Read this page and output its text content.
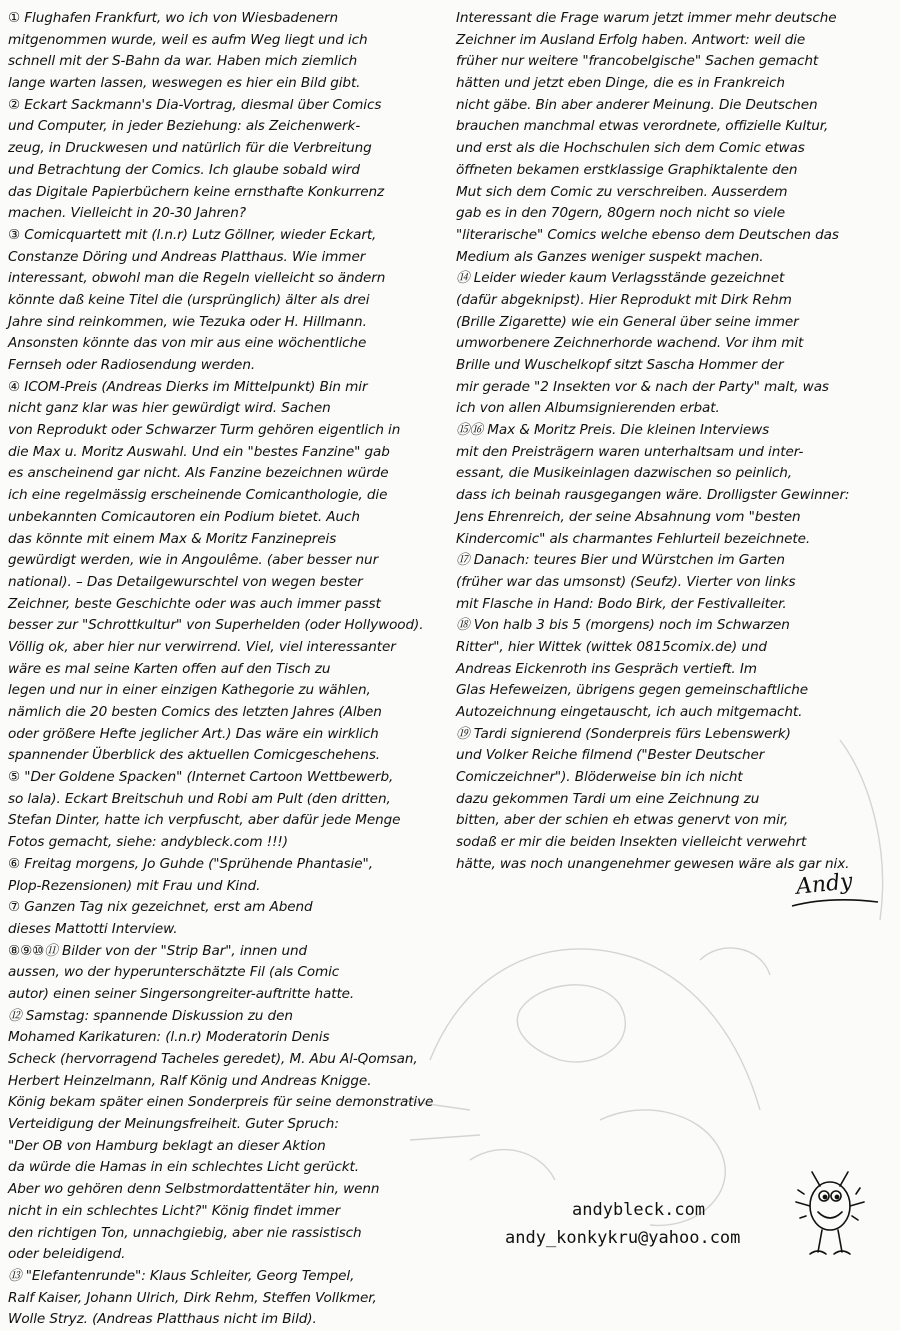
① Flughafen Frankfurt, wo ich von Wiesbadenern
mitgenommen wurde, weil es aufm Weg liegt und ich
schnell mit der S-Bahn da war. Haben mich ziemlich
lange warten lassen, weswegen es hier ein Bild gibt.
② Eckart Sackmann's Dia-Vortrag, diesmal über Comics
und Computer, in jeder Beziehung: als Zeichenwerk-
zeug, in Druckwesen und natürlich für die Verbreitung
und Betrachtung der Comics. Ich glaube sobald wird
das Digitale Papierbüchern keine ernsthafte Konkurrenz
machen. Vielleicht in 20-30 Jahren?
③ Comicquartett mit (l.n.r) Lutz Göllner, wieder Eckart,
Constanze Döring und Andreas Platthaus. Wie immer
interessant, obwohl man die Regeln vielleicht so ändern
könnte daß keine Titel die (ursprünglich) älter als drei
Jahre sind reinkommen, wie Tezuka oder H. Hillmann.
Ansonsten könnte das von mir aus eine wöchentliche
Fernseh oder Radiosendung werden.
④ ICOM-Preis (Andreas Dierks im Mittelpunkt) Bin mir
nicht ganz klar was hier gewürdigt wird. Sachen
von Reprodukt oder Schwarzer Turm gehören eigentlich in
die Max u. Moritz Auswahl. Und ein "bestes Fanzine" gab
es anscheinend gar nicht. Als Fanzine bezeichnen würde
ich eine regelmässig erscheinende Comicanthologie, die
unbekannten Comicautoren ein Podium bietet. Auch
das könnte mit einem Max & Moritz Fanzinepreis
gewürdigt werden, wie in Angoulême. (aber besser nur
national). – Das Detailgewurschtel von wegen bester
Zeichner, beste Geschichte oder was auch immer passt
besser zur "Schrottkultur" von Superhelden (oder Hollywood).
Völlig ok, aber hier nur verwirrend. Viel, viel interessanter
wäre es mal seine Karten offen auf den Tisch zu
legen und nur in einer einzigen Kathegorie zu wählen,
nämlich die 20 besten Comics des letzten Jahres (Alben
oder größere Hefte jeglicher Art.) Das wäre ein wirklich
spannender Überblick des aktuellen Comicgeschehens.
⑤ "Der Goldene Spacken" (Internet Cartoon Wettbewerb,
so lala). Eckart Breitschuh und Robi am Pult (den dritten,
Stefan Dinter, hatte ich verpfuscht, aber dafür jede Menge
Fotos gemacht, siehe: andybleck.com !!!)
⑥ Freitag morgens, Jo Guhde ("Sprühende Phantasie",
Plop-Rezensionen) mit Frau und Kind.
⑦ Ganzen Tag nix gezeichnet, erst am Abend
dieses Mattotti Interview.
⑧⑨⑩⑪ Bilder von der "Strip Bar", innen und
aussen, wo der hyperunterschätzte Fil (als Comic
autor) einen seiner Singersongreiter-auftritte hatte.
⑫ Samstag: spannende Diskussion zu den
Mohamed Karikaturen: (l.n.r) Moderatorin Denis
Scheck (hervorragend Tacheles geredet), M. Abu Al-Qomsan,
Herbert Heinzelmann, Ralf König und Andreas Knigge.
König bekam später einen Sonderpreis für seine demonstrative
Verteidigung der Meinungsfreiheit. Guter Spruch:
"Der OB von Hamburg beklagt an dieser Aktion
da würde die Hamas in ein schlechtes Licht gerückt.
Aber wo gehören denn Selbstmordattentäter hin, wenn
nicht in ein schlechtes Licht?" König findet immer
den richtigen Ton, unnachgiebig, aber nie rassistisch
oder beleidigend.
⑬ "Elefantenrunde": Klaus Schleiter, Georg Tempel,
Ralf Kaiser, Johann Ulrich, Dirk Rehm, Steffen Vollkmer,
Wolle Stryz. (Andreas Platthaus nicht im Bild).
Interessant die Frage warum jetzt immer mehr deutsche
Zeichner im Ausland Erfolg haben. Antwort: weil die
früher nur weitere "francobelgische" Sachen gemacht
hätten und jetzt eben Dinge, die es in Frankreich
nicht gäbe. Bin aber anderer Meinung. Die Deutschen
brauchen manchmal etwas verordnete, offizielle Kultur,
und erst als die Hochschulen sich dem Comic etwas
öffneten bekamen erstklassige Graphiktalente den
Mut sich dem Comic zu verschreiben. Ausserdem
gab es in den 70gern, 80gern noch nicht so viele
"literarische" Comics welche ebenso dem Deutschen das
Medium als Ganzes weniger suspekt machen.
⑭ Leider wieder kaum Verlagsstände gezeichnet
(dafür abgeknipst). Hier Reprodukt mit Dirk Rehm
(Brille Zigarette) wie ein General über seine immer
umworbenere Zeichnerhorde wachend. Vor ihm mit
Brille und Wuschelkopf sitzt Sascha Hommer der
mir gerade "2 Insekten vor & nach der Party" malt, was
ich von allen Albumsignierenden erbat.
⑮⑯ Max & Moritz Preis. Die kleinen Interviews
mit den Preisträgern waren unterhaltsam und inter-
essant, die Musikeinlagen dazwischen so peinlich,
dass ich beinah rausgegangen wäre. Drolligster Gewinner:
Jens Ehrenreich, der seine Absahnung vom "besten
Kindercomic" als charmantes Fehlurteil bezeichnete.
⑰ Danach: teures Bier und Würstchen im Garten
(früher war das umsonst) (Seufz). Vierter von links
mit Flasche in Hand: Bodo Birk, der Festivalleiter.
⑱ Von halb 3 bis 5 (morgens) noch im Schwarzen
Ritter", hier Wittek (wittek 0815comix.de) und
Andreas Eickenroth ins Gespräch vertieft. Im
Glas Hefeweizen, übrigens gegen gemeinschaftliche
Autozeichnung eingetauscht, ich auch mitgemacht.
⑲ Tardi signierend (Sonderpreis fürs Lebenswerk)
und Volker Reiche filmend ("Bester Deutscher
Comiczeichner"). Blöderweise bin ich nicht
dazu gekommen Tardi um eine Zeichnung zu
bitten, aber der schien eh etwas genervt von mir,
sodaß er mir die beiden Insekten vielleicht verwehrt
hätte, was noch unangenehmer gewesen wäre als gar nix.
Andy
andybleck.com
andy_konkykru@yahoo.com
